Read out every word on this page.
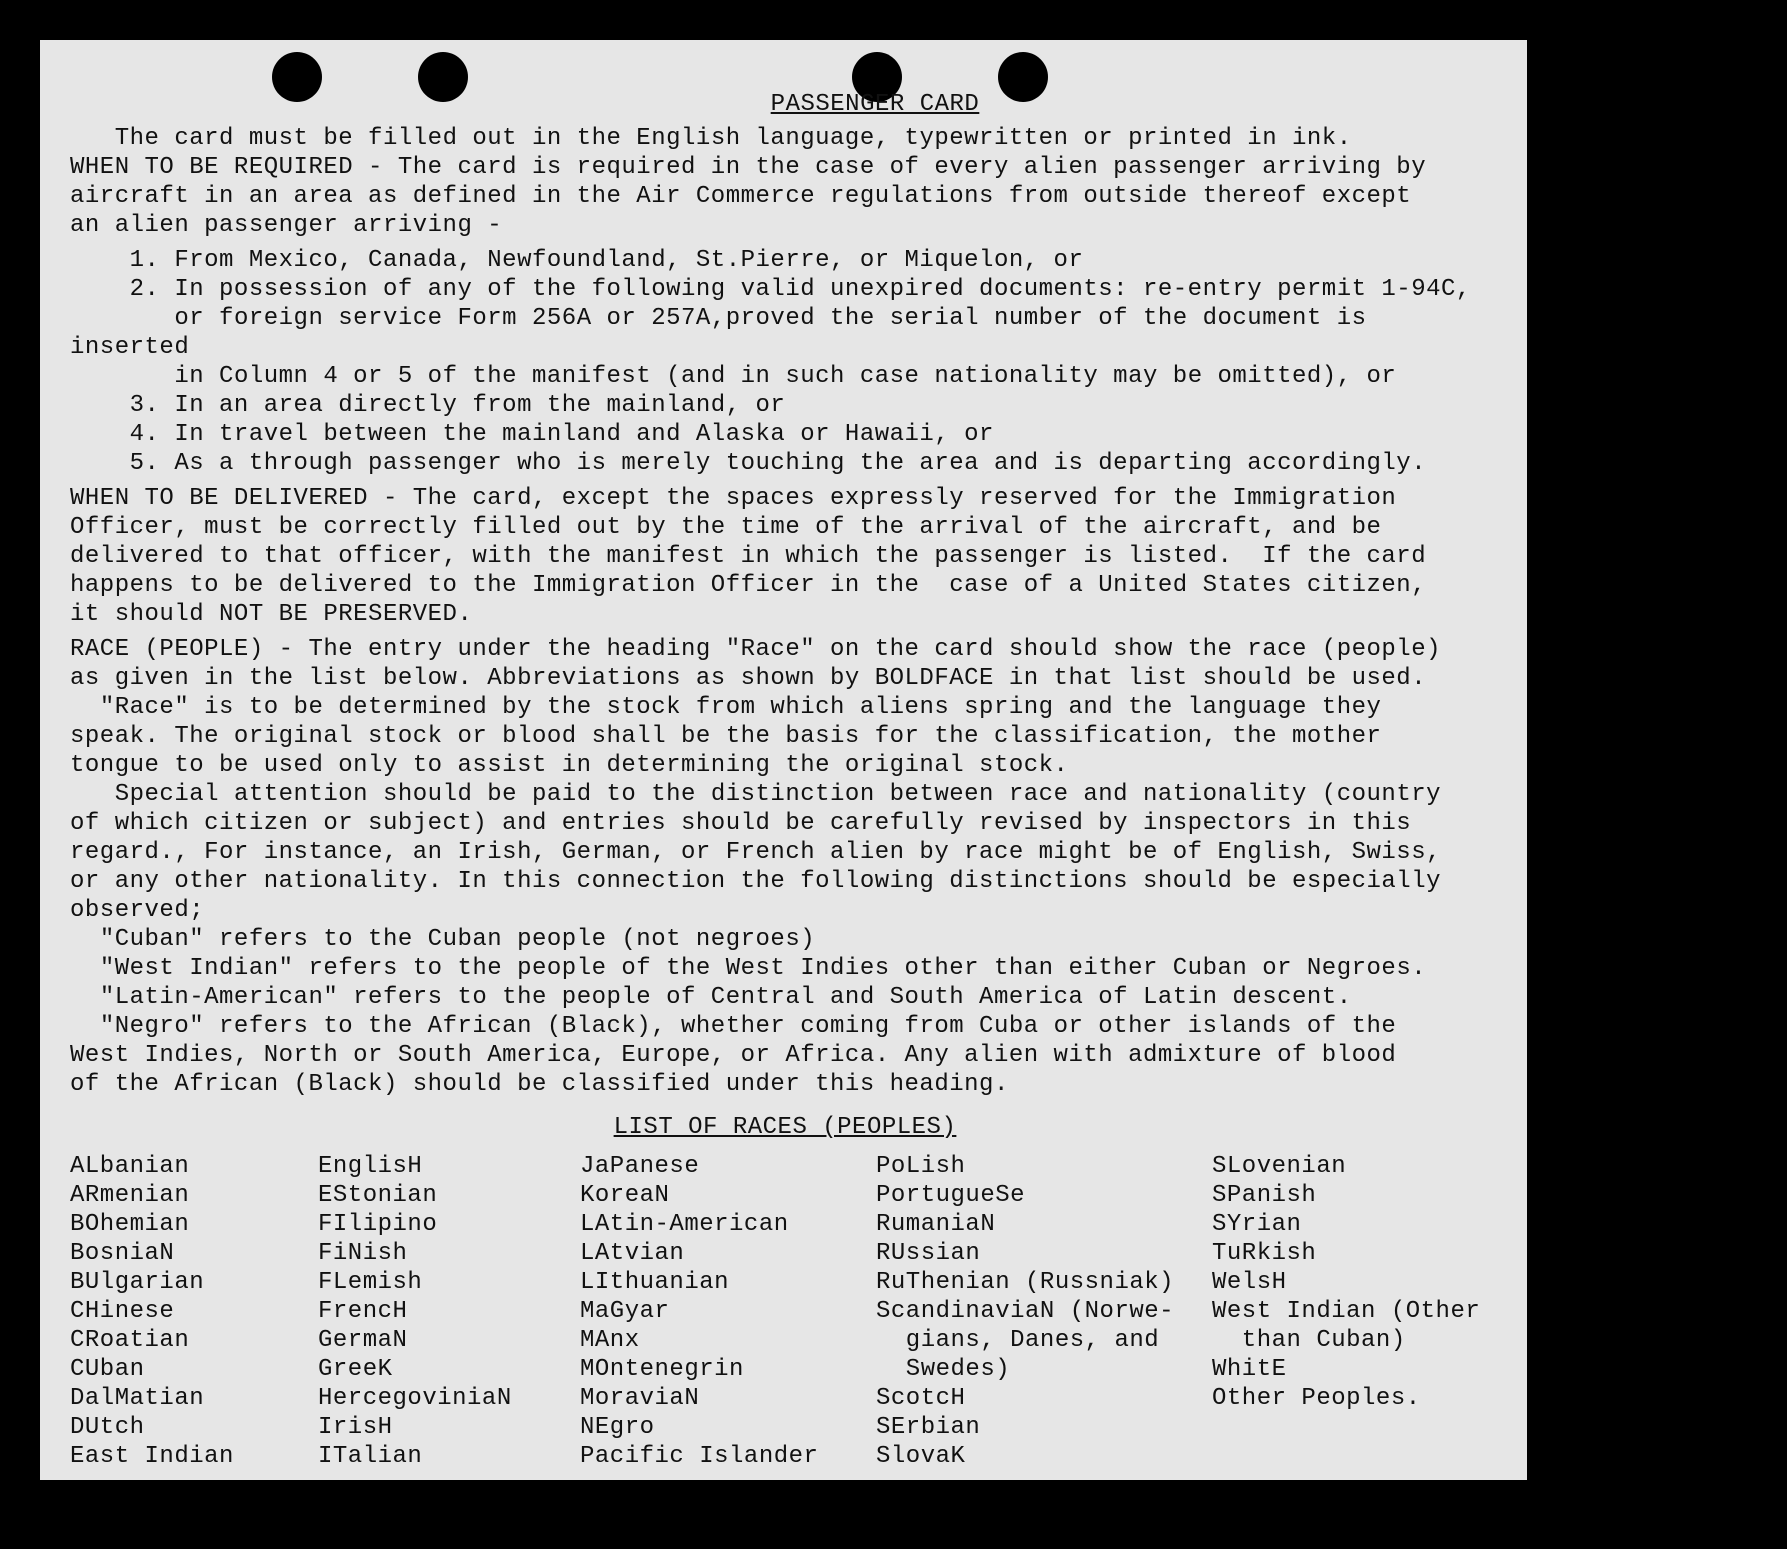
PASSENGER CARD
The card must be filled out in the English language, typewritten or printed in ink.
WHEN TO BE REQUIRED - The card is required in the case of every alien passenger arriving by
aircraft in an area as defined in the Air Commerce regulations from outside thereof except
an alien passenger arriving -
1. From Mexico, Canada, Newfoundland, St.Pierre, or Miquelon, or
2. In possession of any of the following valid unexpired documents: re-entry permit 1-94C,
or foreign service Form 256A or 257A,proved the serial number of the document is inserted
in Column 4 or 5 of the manifest (and in such case nationality may be omitted), or
3. In an area directly from the mainland, or
4. In travel between the mainland and Alaska or Hawaii, or
5. As a through passenger who is merely touching the area and is departing accordingly.
WHEN TO BE DELIVERED - The card, except the spaces expressly reserved for the Immigration
Officer, must be correctly filled out by the time of the arrival of the aircraft, and be
delivered to that officer, with the manifest in which the passenger is listed.  If the card
happens to be delivered to the Immigration Officer in the  case of a United States citizen,
it should NOT BE PRESERVED.
RACE (PEOPLE) - The entry under the heading "Race" on the card should show the race (people)
as given in the list below. Abbreviations as shown by BOLDFACE in that list should be used.
"Race" is to be determined by the stock from which aliens spring and the language they
speak. The original stock or blood shall be the basis for the classification, the mother
tongue to be used only to assist in determining the original stock.
Special attention should be paid to the distinction between race and nationality (country
of which citizen or subject) and entries should be carefully revised by inspectors in this
regard., For instance, an Irish, German, or French alien by race might be of English, Swiss,
or any other nationality. In this connection the following distinctions should be especially
observed;
"Cuban" refers to the Cuban people (not negroes)
"West Indian" refers to the people of the West Indies other than either Cuban or Negroes.
"Latin-American" refers to the people of Central and South America of Latin descent.
"Negro" refers to the African (Black), whether coming from Cuba or other islands of the
West Indies, North or South America, Europe, or Africa. Any alien with admixture of blood
of the African (Black) should be classified under this heading.
LIST OF RACES (PEOPLES)
ALbanian
ARmenian
BOhemian
BosniaN
BUlgarian
CHinese
CRoatian
CUban
DalMatian
DUtch
East Indian
EnglisH
EStonian
FIlipino
FiNish
FLemish
FrencH
GermaN
GreeK
HercegoviniaN
IrisH
ITalian
JaPanese
KoreaN
LAtin-American
LAtvian
LIthuanian
MaGyar
MAnx
MOntenegrin
MoraviaN
NEgro
Pacific Islander
PoLish
PortugueSe
RumaniaN
RUssian
RuThenian (Russniak)
ScandinaviaN (Norwe-
gians, Danes, and
Swedes)
ScotcH
SErbian
SlovaK
SLovenian
SPanish
SYrian
TuRkish
WelsH
West Indian (Other
than Cuban)
WhitE
Other Peoples.
